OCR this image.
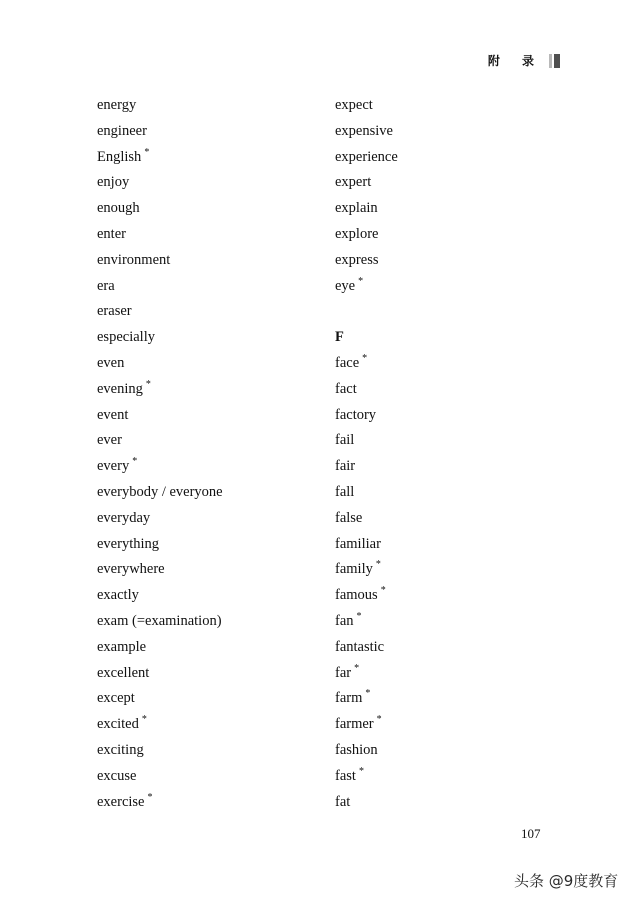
附 录
energy
engineer
English *
enjoy
enough
enter
environment
era
eraser
especially
even
evening *
event
ever
every *
everybody / everyone
everyday
everything
everywhere
exactly
exam (=examination)
example
excellent
except
excited *
exciting
excuse
exercise *
expect
expensive
experience
expert
explain
explore
express
eye *
F
face *
fact
factory
fail
fair
fall
false
familiar
family *
famous *
fan *
fantastic
far *
farm *
farmer *
fashion
fast *
fat
107
头条 @9度教育
